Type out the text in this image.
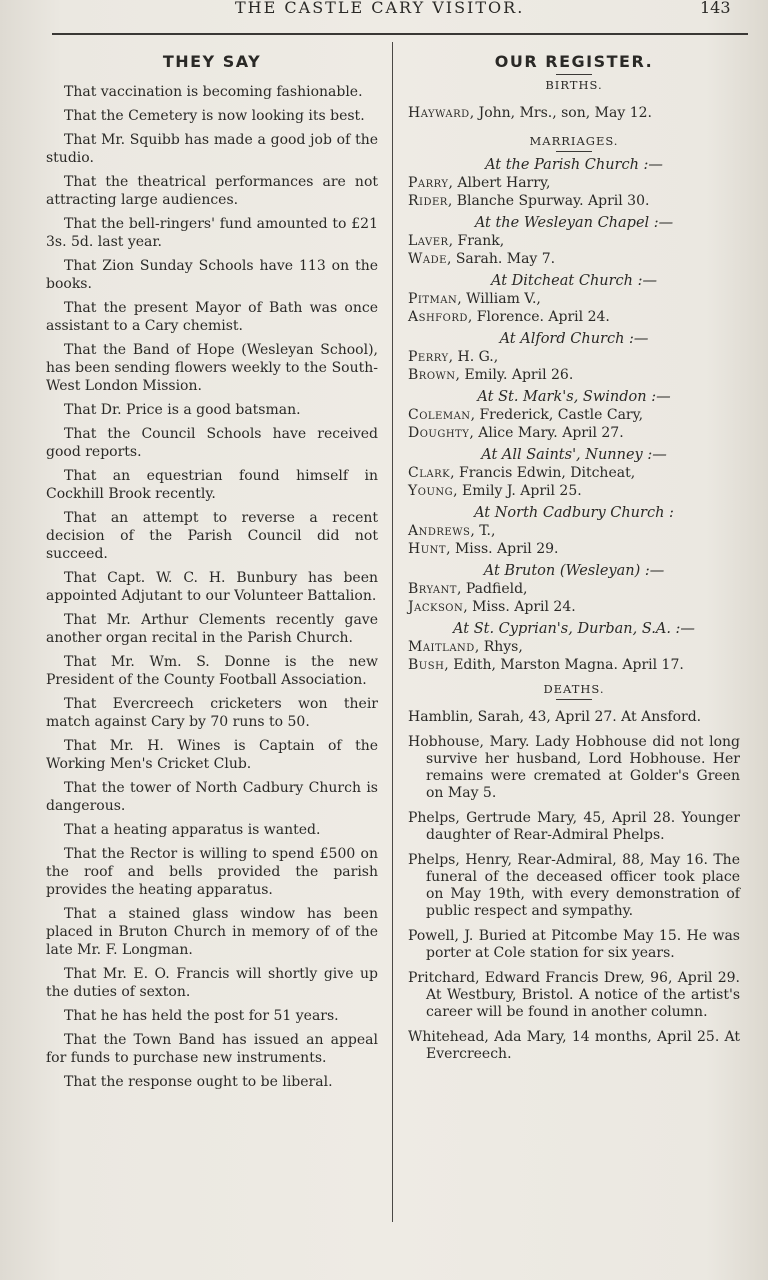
THE CASTLE CARY VISITOR.	143
THEY SAY

That vaccination is becoming fashionable.

That the Cemetery is now looking its best.

That Mr. Squibb has made a good job of the studio.

That the theatrical performances are not attracting large audiences.

That the bell-ringers' fund amounted to £21 3s. 5d. last year.

That Zion Sunday Schools have 113 on the books.

That the present Mayor of Bath was once assistant to a Cary chemist.

That the Band of Hope (Wesleyan School), has been sending flowers weekly to the South-West London Mission.

That Dr. Price is a good batsman.

That the Council Schools have received good reports.

That an equestrian found himself in Cockhill Brook recently.

That an attempt to reverse a recent decision of the Parish Council did not succeed.

That Capt. W. C. H. Bunbury has been appointed Adjutant to our Volunteer Battalion.

That Mr. Arthur Clements recently gave another organ recital in the Parish Church.

That Mr. Wm. S. Donne is the new President of the County Football Association.

That Evercreech cricketers won their match against Cary by 70 runs to 50.

That Mr. H. Wines is Captain of the Working Men's Cricket Club.

That the tower of North Cadbury Church is dangerous.

That a heating apparatus is wanted.

That the Rector is willing to spend £500 on the roof and bells provided the parish provides the heating apparatus.

That a stained glass window has been placed in Bruton Church in memory of of the late Mr. F. Longman.

That Mr. E. O. Francis will shortly give up the duties of sexton.

That he has held the post for 51 years.

That the Town Band has issued an appeal for funds to purchase new instruments.

That the response ought to be liberal.

OUR REGISTER.

BIRTHS.

Hayward, John, Mrs., son, May 12.

MARRIAGES.

At the Parish Church :—

Parry, Albert Harry,

Rider, Blanche Spurway. April 30.

At the Wesleyan Chapel :—

Laver, Frank,

Wade, Sarah. May 7.

At Ditcheat Church :—

Pitman, William V.,

Ashford, Florence. April 24.

At Alford Church :—

Perry, H. G.,

Brown, Emily. April 26.

At St. Mark's, Swindon :—

Coleman, Frederick, Castle Cary,

Doughty, Alice Mary. April 27.

At All Saints', Nunney :—

Clark, Francis Edwin, Ditcheat,

Young, Emily J. April 25.

At North Cadbury Church :

Andrews, T.,

Hunt, Miss. April 29.

At Bruton (Wesleyan) :—

Bryant, Padfield,

Jackson, Miss. April 24.

At St. Cyprian's, Durban, S.A. :—

Maitland, Rhys,

Bush, Edith, Marston Magna. April 17.

DEATHS.

Hamblin, Sarah, 43, April 27. At Ansford.

Hobhouse, Mary. Lady Hobhouse did not long survive her husband, Lord Hobhouse. Her remains were cremated at Golder's Green on May 5.

Phelps, Gertrude Mary, 45, April 28. Younger daughter of Rear-Admiral Phelps.

Phelps, Henry, Rear-Admiral, 88, May 16. The funeral of the deceased officer took place on May 19th, with every demonstration of public respect and sympathy.

Powell, J. Buried at Pitcombe May 15. He was porter at Cole station for six years.

Pritchard, Edward Francis Drew, 96, April 29. At Westbury, Bristol. A notice of the artist's career will be found in another column.

Whitehead, Ada Mary, 14 months, April 25. At Evercreech.
